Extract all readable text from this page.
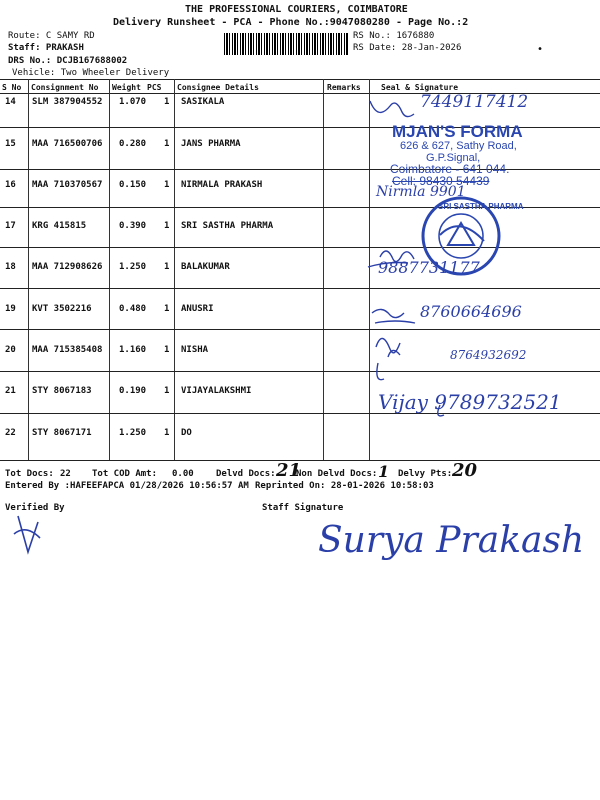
THE PROFESSIONAL COURIERS, COIMBATORE
Delivery Runsheet - PCA - Phone No.:9047080280 - Page No.:2
Route: C SAMY RD
Staff: PRAKASH
DRS No.: DCJB167688002
Vehicle: Two Wheeler Delivery
RS No.: 1676880
RS Date: 28-Jan-2026	•
S No Consignment No Weight PCS Consignee Details	Remarks	Seal & Signature
14 SLM 387904552 1.070 1 SASIKALA
15 MAA 716500706 0.280 1 JANS PHARMA
16 MAA 710370567 0.150 1 NIRMALA PRAKASH
17 KRG 415815	0.390 1 SRI SASTHA PHARMA
18 MAA 712908626 1.250 1 BALAKUMAR
19 KVT 3502216	0.480 1 ANUSRI
20 MAA 715385408 1.160 1 NISHA
21 STY 8067183	0.190 1 VIJAYALAKSHMI
22 STY 8067171	1.250 1 DO
7449117412
MJAN'S FORMA
626 & 627, Sathy Road,
G.P.Signal,
Coimbatore - 641 044.
Cell: 98430 54439
Nirmla 9901
SRI SASTHA PHARMA
9887731177
8760664696
8764932692
Vijay 9789732521
Tot Docs: 22 Tot COD Amt: 0.00 Delvd Docs: 21
Non Delvd Docs: 1 Delvy Pts: 20
Entered By :HAFEEFAPCA 01/28/2026 10:56:57 AM Reprinted On: 28-01-2026 10:58:03
Verified By	Staff Signature
Surya Prakash
